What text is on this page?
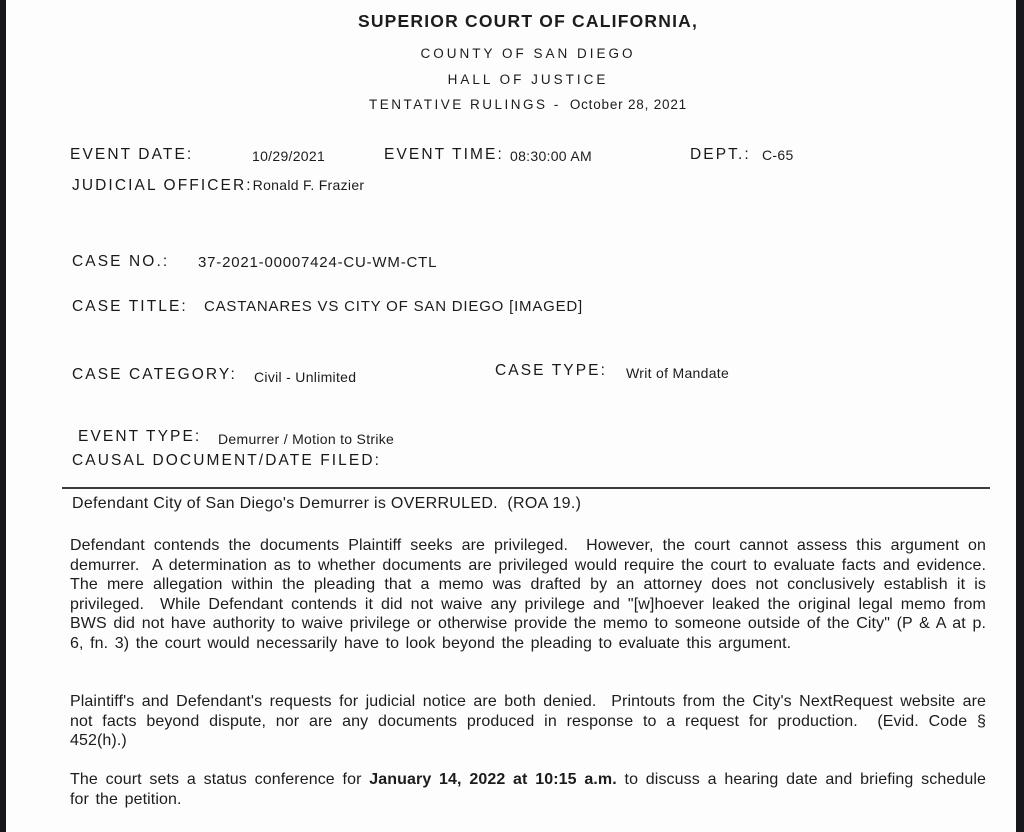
SUPERIOR COURT OF CALIFORNIA,
COUNTY OF SAN DIEGO
HALL OF JUSTICE
TENTATIVE RULINGS - October 28, 2021
EVENT DATE:	10/29/2021	EVENT TIME: 08:30:00 AM	DEPT.: C-65
JUDICIAL OFFICER:Ronald F. Frazier
CASE NO.: 37-2021-00007424-CU-WM-CTL
CASE TITLE: CASTANARES VS CITY OF SAN DIEGO [IMAGED]
CASE CATEGORY: Civil - Unlimited	CASE TYPE: Writ of Mandate
EVENT TYPE: Demurrer / Motion to Strike
CAUSAL DOCUMENT/DATE FILED:
Defendant City of San Diego's Demurrer is OVERRULED.  (ROA 19.)
Defendant contends the documents Plaintiff seeks are privileged.  However, the court cannot assess this argument on demurrer.  A determination as to whether documents are privileged would require the court to evaluate facts and evidence.  The mere allegation within the pleading that a memo was drafted by an attorney does not conclusively establish it is privileged.  While Defendant contends it did not waive any privilege and "[w]hoever leaked the original legal memo from BWS did not have authority to waive privilege or otherwise provide the memo to someone outside of the City" (P & A at p. 6, fn. 3) the court would necessarily have to look beyond the pleading to evaluate this argument.
Plaintiff's and Defendant's requests for judicial notice are both denied.  Printouts from the City's NextRequest website are not facts beyond dispute, nor are any documents produced in response to a request for production.  (Evid. Code § 452(h).)
The court sets a status conference for January 14, 2022 at 10:15 a.m. to discuss a hearing date and briefing schedule for the petition.
